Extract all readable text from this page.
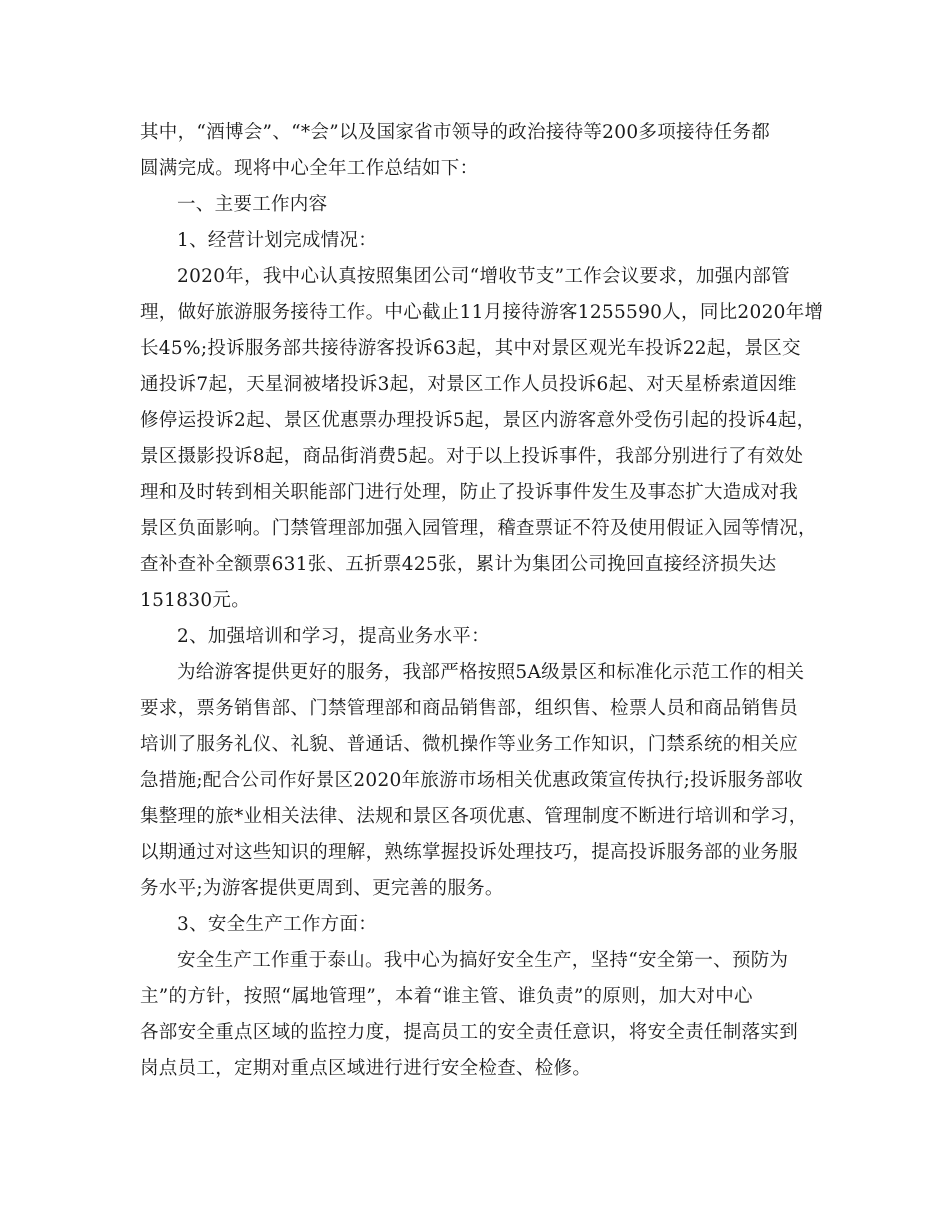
其中，“酒博会”、“*会”以及国家省市领导的政治接待等200多项接待任务都
圆满完成。现将中心全年工作总结如下：
一、主要工作内容
1、经营计划完成情况：
2020年，我中心认真按照集团公司“增收节支”工作会议要求，加强内部管
理，做好旅游服务接待工作。中心截止11月接待游客1255590人，同比2020年增
长45%;投诉服务部共接待游客投诉63起，其中对景区观光车投诉22起，景区交
通投诉7起，天星洞被堵投诉3起，对景区工作人员投诉6起、对天星桥索道因维
修停运投诉2起、景区优惠票办理投诉5起，景区内游客意外受伤引起的投诉4起，
景区摄影投诉8起，商品街消费5起。对于以上投诉事件，我部分别进行了有效处
理和及时转到相关职能部门进行处理，防止了投诉事件发生及事态扩大造成对我
景区负面影响。门禁管理部加强入园管理，稽查票证不符及使用假证入园等情况，
查补查补全额票631张、五折票425张，累计为集团公司挽回直接经济损失达
151830元。
2、加强培训和学习，提高业务水平：
为给游客提供更好的服务，我部严格按照5A级景区和标准化示范工作的相关
要求，票务销售部、门禁管理部和商品销售部，组织售、检票人员和商品销售员
培训了服务礼仪、礼貌、普通话、微机操作等业务工作知识，门禁系统的相关应
急措施;配合公司作好景区2020年旅游市场相关优惠政策宣传执行;投诉服务部收
集整理的旅*业相关法律、法规和景区各项优惠、管理制度不断进行培训和学习，
以期通过对这些知识的理解，熟练掌握投诉处理技巧，提高投诉服务部的业务服
务水平;为游客提供更周到、更完善的服务。
3、安全生产工作方面：
安全生产工作重于泰山。我中心为搞好安全生产，坚持“安全第一、预防为
主”的方针，按照“属地管理”，本着“谁主管、谁负责”的原则，加大对中心
各部安全重点区域的监控力度，提高员工的安全责任意识，将安全责任制落实到
岗点员工，定期对重点区域进行进行安全检查、检修。
